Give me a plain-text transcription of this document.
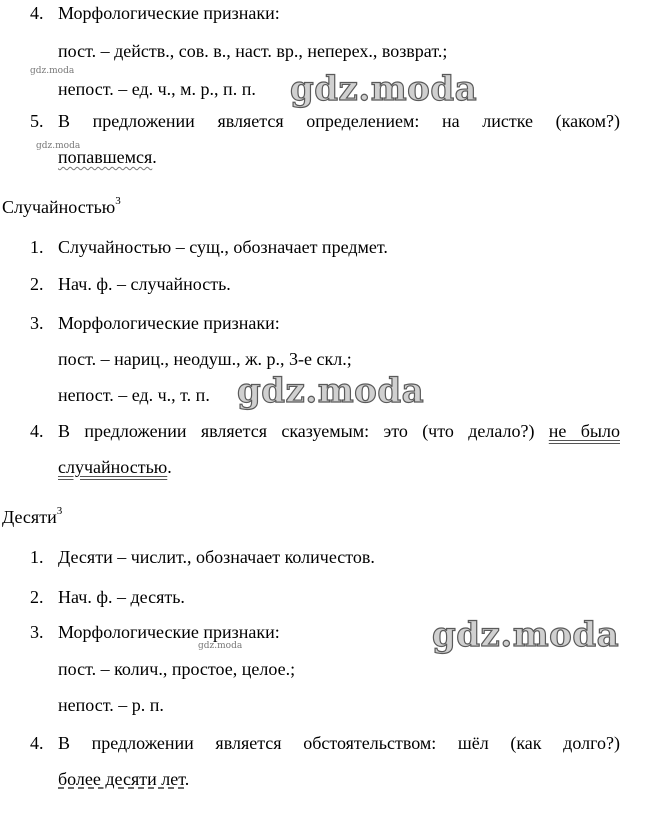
4. Морфологические признаки:
пост. – действ., сов. в., наст. вр., неперех., возврат.;
непост. – ед. ч., м. р., п. п.
5. В предложении является определением: на листке (каком?)
попавшемся.
Случайностью$^3$
1. Случайностью – сущ., обозначает предмет.
2. Нач. ф. – случайность.
3. Морфологические признаки:
пост. – нариц., неодуш., ж. р., 3-е скл.;
непост. – ед. ч., т. п.
4. В предложении является сказуемым: это (что делало?) не было
случайностью.
Десяти$^3$
1. Десяти – числит., обозначает количестов.
2. Нач. ф. – десять.
3. Морфологические признаки:
пост. – колич., простое, целое.;
непост. – р. п.
4. В предложении является обстоятельством: шёл (как долго?)
более десяти лет.
gdz.moda	gdz.moda
gdz.moda
gdz.moda
gdz.moda
gdz.moda
